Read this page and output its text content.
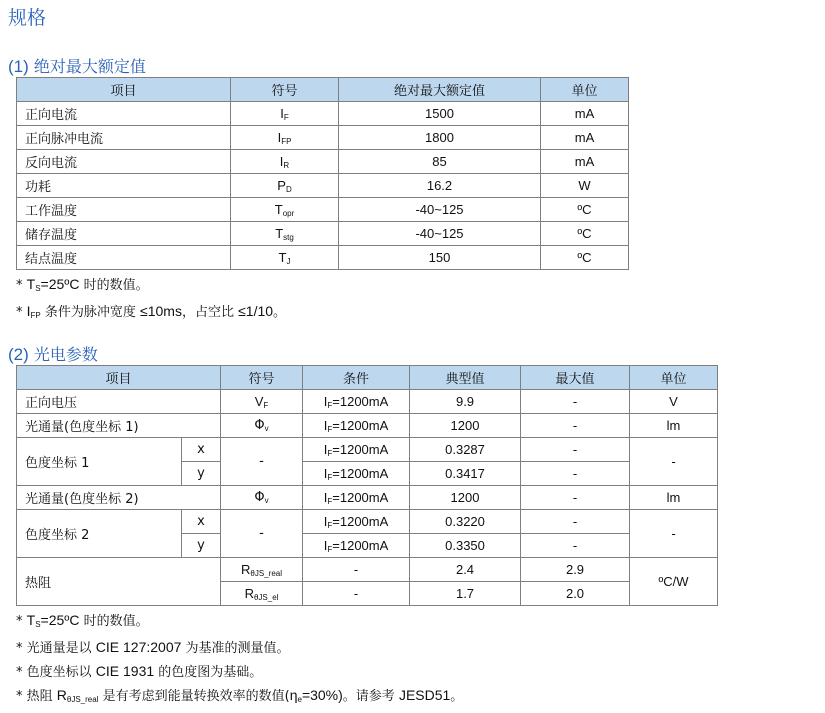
规格
(1) 绝对最大额定值
项目	符号	绝对最大额定值	单位
正向电流	$I_F$	1500	mA
正向脉冲电流	$I_{FP}$	1800	mA
反向电流	$I_R$	85	mA
功耗	$P_D$	16.2	W
工作温度	$T_{opr}$	-40~125	ºC
储存温度	$T_{stg}$	-40~125	ºC
结点温度	$T_J$	150	ºC
* $T_S=25ºC$ 时的数值。
* $I_{FP}$ 条件为脉冲宽度 ≤10ms，占空比 ≤1/10。
(2) 光电参数
项目		符号	条件	典型值	最大值	单位
正向电压		$V_F$	$I_F=1200mA$	9.9	-	V
光通量(色度坐标 1)		$\Phi_v$	$I_F=1200mA$	1200	-	lm
色度坐标 1	x	-	$I_F=1200mA$	0.3287	-	-
	y		$I_F=1200mA$	0.3417	-	
光通量(色度坐标 2)		$\Phi_v$	$I_F=1200mA$	1200	-	lm
色度坐标 2	x	-	$I_F=1200mA$	0.3220	-	-
	y		$I_F=1200mA$	0.3350	-	
热阻		$R_{\theta JS\_real}$	-	2.4	2.9	ºC/W
		$R_{\theta JS\_el}$	-	1.7	2.0	
* $T_S=25ºC$ 时的数值。
* 光通量是以 CIE 127:2007 为基准的测量值。
* 色度坐标以 CIE 1931 的色度图为基础。
* 热阻 $R_{\theta JS\_real}$ 是有考虑到能量转换效率的数值$(\eta_e=30\%)$。请参考 JESD51。
